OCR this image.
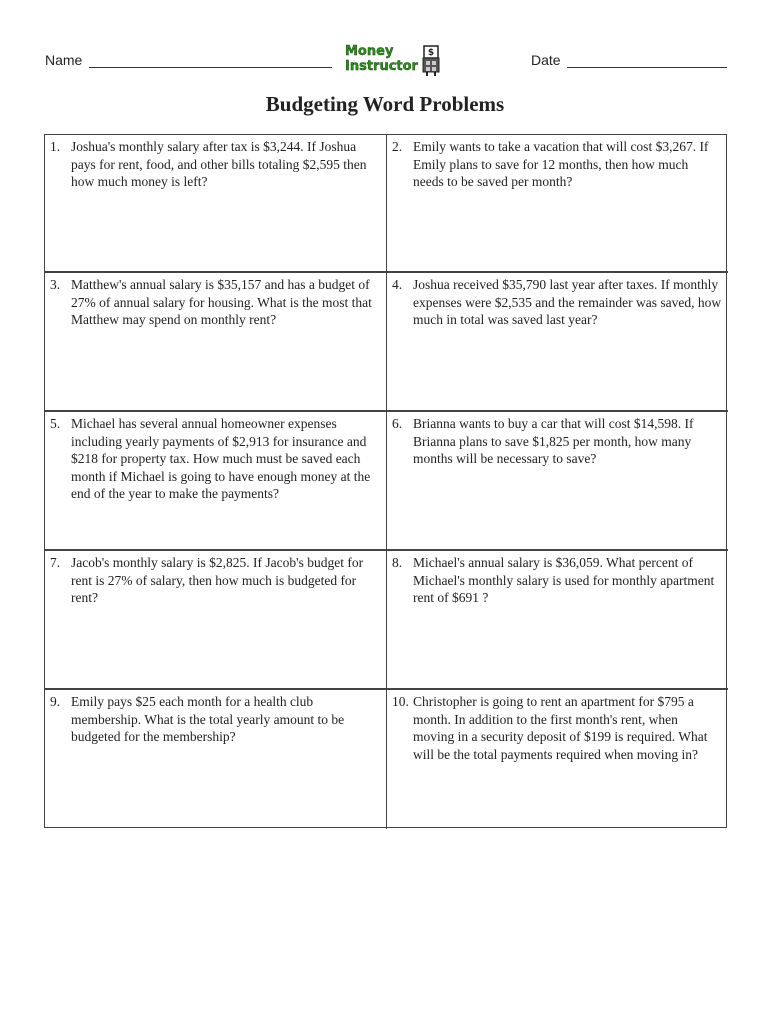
Name
Money
Instructor
$	Date
Budgeting Word Problems
1. Joshua's monthly salary after tax is $3,244. If Joshua pays for rent, food, and other bills totaling $2,595 then how much money is left?
2. Emily wants to take a vacation that will cost $3,267. If Emily plans to save for 12 months, then how much needs to be saved per month?
3. Matthew's annual salary is $35,157 and has a budget of 27% of annual salary for housing. What is the most that Matthew may spend on monthly rent?
4. Joshua received $35,790 last year after taxes. If monthly expenses were $2,535 and the remainder was saved, how much in total was saved last year?
5. Michael has several annual homeowner expenses including yearly payments of $2,913 for insurance and $218 for property tax. How much must be saved each month if Michael is going to have enough money at the end of the year to make the payments?
6. Brianna wants to buy a car that will cost $14,598. If Brianna plans to save $1,825 per month, how many months will be necessary to save?
7. Jacob's monthly salary is $2,825. If Jacob's budget for rent is 27% of salary, then how much is budgeted for rent?
8. Michael's annual salary is $36,059. What percent of Michael's monthly salary is used for monthly apartment rent of $691 ?
9. Emily pays $25 each month for a health club membership. What is the total yearly amount to be budgeted for the membership?
10. Christopher is going to rent an apartment for $795 a month. In addition to the first month's rent, when moving in a security deposit of $199 is required. What will be the total payments required when moving in?
